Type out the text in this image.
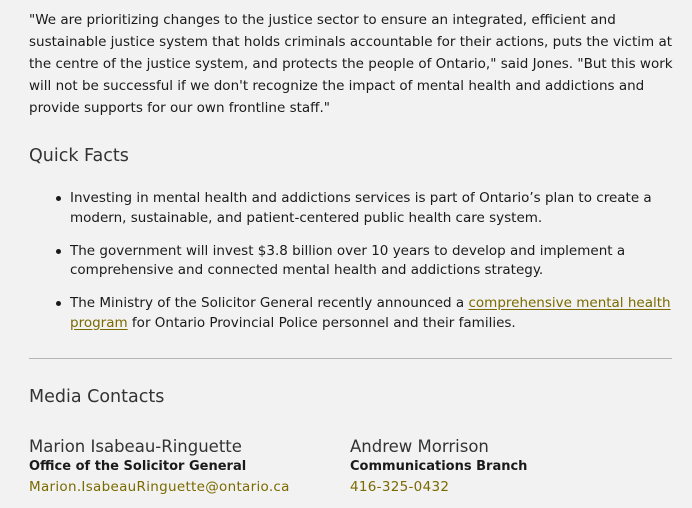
"We are prioritizing changes to the justice sector to ensure an integrated, efficient and sustainable justice system that holds criminals accountable for their actions, puts the victim at the centre of the justice system, and protects the people of Ontario," said Jones. "But this work will not be successful if we don't recognize the impact of mental health and addictions and provide supports for our own frontline staff."

Quick Facts
Investing in mental health and addictions services is part of Ontario’s plan to create a modern, sustainable, and patient-centered public health care system.
The government will invest $3.8 billion over 10 years to develop and implement a comprehensive and connected mental health and addictions strategy.
The Ministry of the Solicitor General recently announced a comprehensive mental health program for Ontario Provincial Police personnel and their families.
Media Contacts
Marion Isabeau-Ringuette
Office of the Solicitor General
Marion.IsabeauRinguette@ontario.ca
Andrew Morrison
Communications Branch
416-325-0432
